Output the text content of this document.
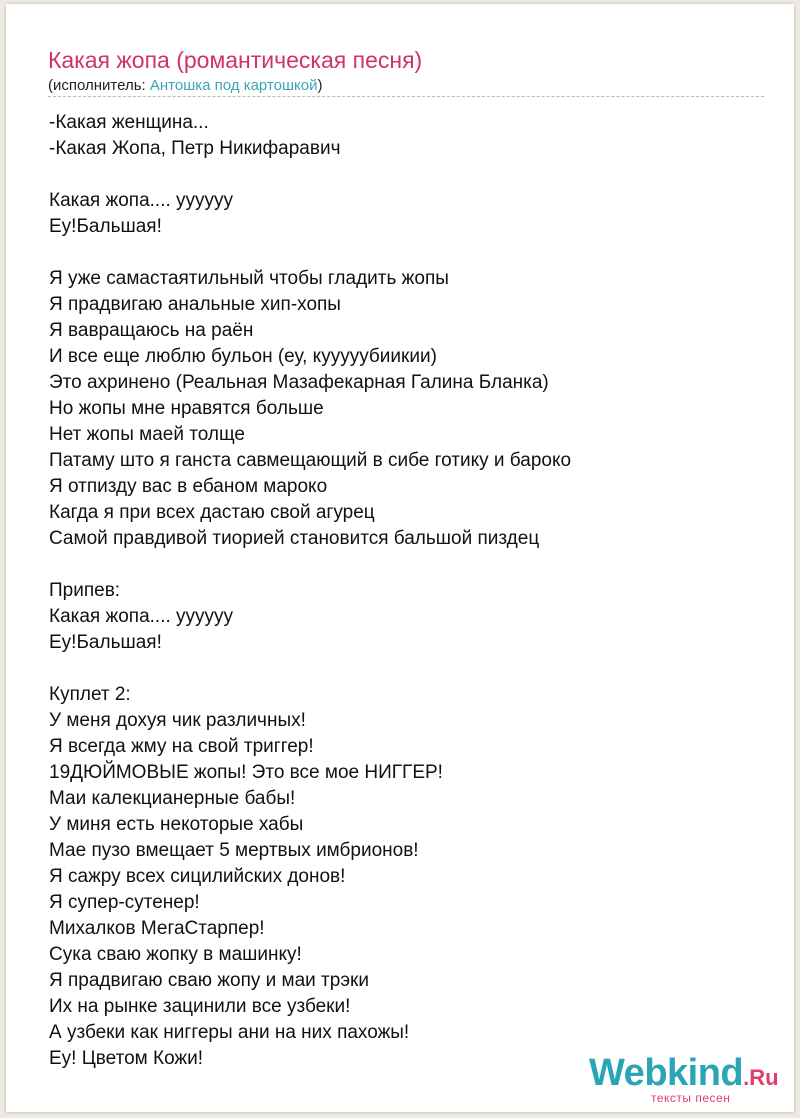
Какая жопа (романтическая песня)
(исполнитель: Антошка под картошкой)
-Какая женщина...
-Какая Жопа, Петр Никифаравич
Какая жопа.... уууууу
Еу!Бальшая!
Я уже самастаятильный чтобы гладить жопы
Я прадвигаю анальные хип-хопы
Я вавращаюсь на раён
И все еще люблю бульон (еу, кууууубиикии)
Это ахринено (Реальная Мазафекарная Галина Бланка)
Но жопы мне нравятся больше
Нет жопы маей толще
Патаму што я ганста савмещающий в сибе готику и бароко
Я отпизду вас в ебаном мароко
Кагда я при всех дастаю свой агурец
Самой правдивой тиорией становится бальшой пиздец
Припев:
Какая жопа.... уууууу
Еу!Бальшая!
Куплет 2:
У меня дохуя чик различных!
Я всегда жму на свой триггер!
19ДЮЙМОВЫЕ жопы! Это все мое НИГГЕР!
Маи калекцианерные бабы!
У миня есть некоторые хабы
Мае пузо вмещает 5 мертвых имбрионов!
Я сажру всех сицилийских донов!
Я супер-сутенер!
Михалков МегаСтарпер!
Сука сваю жопку в машинку!
Я прадвигаю сваю жопу и маи трэки
Их на рынке зацинили все узбеки!
А узбеки как ниггеры ани на них пахожы!
Еу! Цветом Кожи!	Webkind.Ru
тексты песен
